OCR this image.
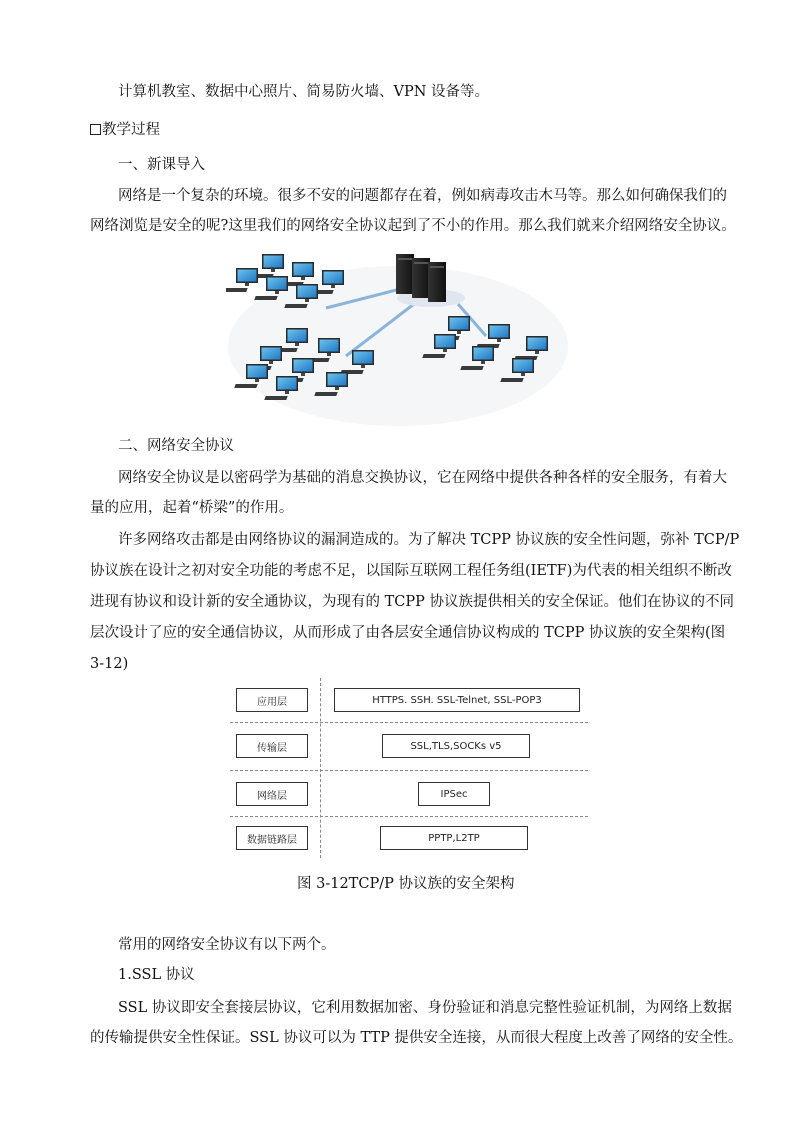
计算机教室、数据中心照片、简易防火墙、VPN 设备等。
教学过程
一、新课导入
网络是一个复杂的环境。很多不安的问题都存在着，例如病毒攻击木马等。那么如何确保我们的
网络浏览是安全的呢?这里我们的网络安全协议起到了不小的作用。那么我们就来介绍网络安全协议。
二、网络安全协议
网络安全协议是以密码学为基础的消息交换协议，它在网络中提供各种各样的安全服务，有着大
量的应用，起着“桥梁”的作用。
许多网络攻击都是由网络协议的漏洞造成的。为了解决 TCPP 协议族的安全性问题，弥补 TCP/P
协议族在设计之初对安全功能的考虑不足，以国际互联网工程任务组(IETF)为代表的相关组织不断改
进现有协议和设计新的安全通协议，为现有的 TCPP 协议族提供相关的安全保证。他们在协议的不同
层次设计了应的安全通信协议，从而形成了由各层安全通信协议构成的 TCPP 协议族的安全架构(图
3-12)
应用层	HTTPS. SSH. SSL-Telnet, SSL-POP3
传输层	SSL,TLS,SOCKs v5
网络层	IPSec
数据链路层	PPTP,L2TP
图 3-12TCP/P 协议族的安全架构
常用的网络安全协议有以下两个。
1.SSL 协议
SSL 协议即安全套接层协议，它利用数据加密、身份验证和消息完整性验证机制，为网络上数据
的传输提供安全性保证。SSL 协议可以为 TTP 提供安全连接，从而很大程度上改善了网络的安全性。
